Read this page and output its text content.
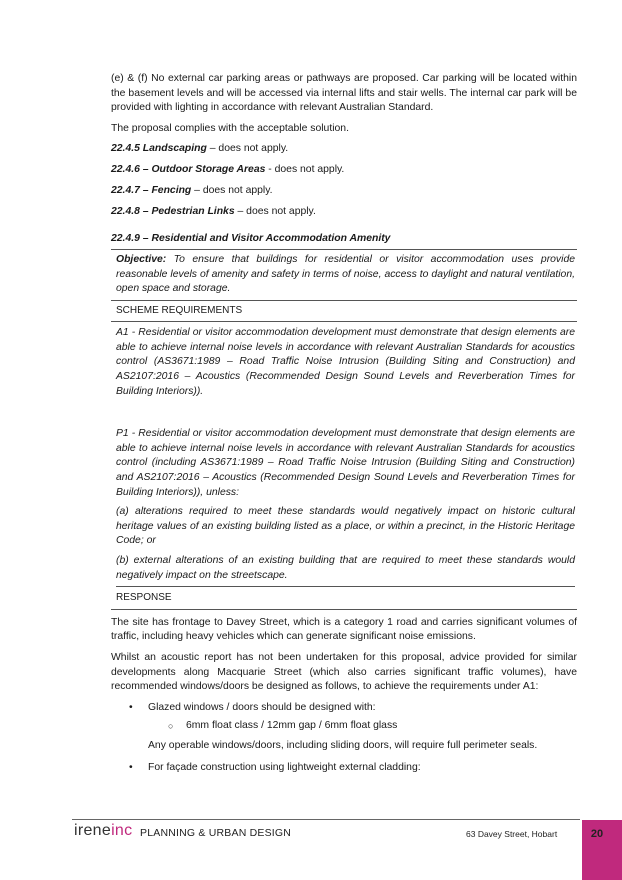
(e) & (f) No external car parking areas or pathways are proposed. Car parking will be located within the basement levels and will be accessed via internal lifts and stair wells. The internal car park will be provided with lighting in accordance with relevant Australian Standard.

The proposal complies with the acceptable solution.

22.4.5 Landscaping – does not apply.

22.4.6 – Outdoor Storage Areas - does not apply.

22.4.7 – Fencing – does not apply.

22.4.8 – Pedestrian Links – does not apply.

22.4.9 – Residential and Visitor Accommodation Amenity

Objective: To ensure that buildings for residential or visitor accommodation uses provide reasonable levels of amenity and safety in terms of noise, access to daylight and natural ventilation, open space and storage.
SCHEME REQUIREMENTS
A1 - Residential or visitor accommodation development must demonstrate that design elements are able to achieve internal noise levels in accordance with relevant Australian Standards for acoustics control (AS3671:1989 – Road Traffic Noise Intrusion (Building Siting and Construction) and AS2107:2016 – Acoustics (Recommended Design Sound Levels and Reverberation Times for Building Interiors)).

P1 - Residential or visitor accommodation development must demonstrate that design elements are able to achieve internal noise levels in accordance with relevant Australian Standards for acoustics control (including AS3671:1989 – Road Traffic Noise Intrusion (Building Siting and Construction) and AS2107:2016 – Acoustics (Recommended Design Sound Levels and Reverberation Times for Building Interiors)), unless:

(a) alterations required to meet these standards would negatively impact on historic cultural heritage values of an existing building listed as a place, or within a precinct, in the Historic Heritage Code; or

(b) external alterations of an existing building that are required to meet these standards would negatively impact on the streetscape.

RESPONSE

The site has frontage to Davey Street, which is a category 1 road and carries significant volumes of traffic, including heavy vehicles which can generate significant noise emissions.

Whilst an acoustic report has not been undertaken for this proposal, advice provided for similar developments along Macquarie Street (which also carries significant traffic volumes), have recommended windows/doors be designed as follows, to achieve the requirements under A1:

• Glazed windows / doors should be designed with:
○ 6mm float class / 12mm gap / 6mm float glass

Any operable windows/doors, including sliding doors, will require full perimeter seals.

• For façade construction using lightweight external cladding:
ireneinc PLANNING & URBAN DESIGN	63 Davey Street, Hobart	20
